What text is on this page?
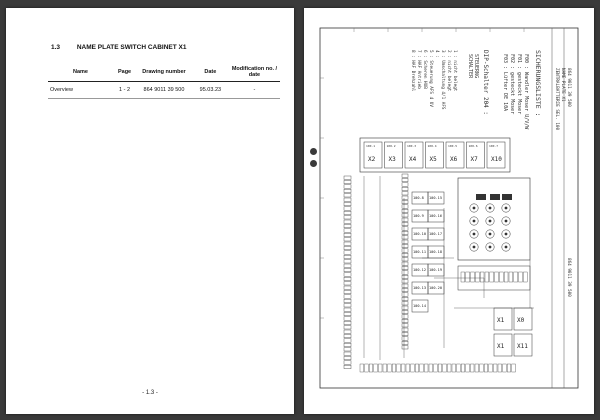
1.3	NAME PLATE SWITCH CABINET X1
Name	Page	Drawing number	Date	Modification no. / date
Overview	1 - 2	864 9011 39 500	95.03.23	-
- 1.3 -
SICHERUNGSLISTE :
F00 : Wandler Moser U/V/W
F01 : gesteckt Moser
F02 : gesteckt Moser
F03 : Lüfter DE 10A
DIP-Schalter 204 :
STEUERNG
SCHALTER
1 : nicht belegt
2 : nicht belegt
3 : Umschaltung 4/1 AFS
4 :
5 : Steuerung AFS 4 UV
6 : Scheren HUB
7 : HAF Antrieb
8 : HAF Drehzahl
100.1
X2
100.2
X3
100.3
X4
100.4
X5
100.5
X6
100.6
X7
100.7
X10
100.8
100.9
100.10
100.11
100.12
100.13
100.14
100.15
100.16
100.17
100.18
100.19
100.20
X1 X0
X1 X11
ZENTRALBATTERIE SEL. 100 NAME PLATE X1 864 9011 39 500
864 9011 39 500
